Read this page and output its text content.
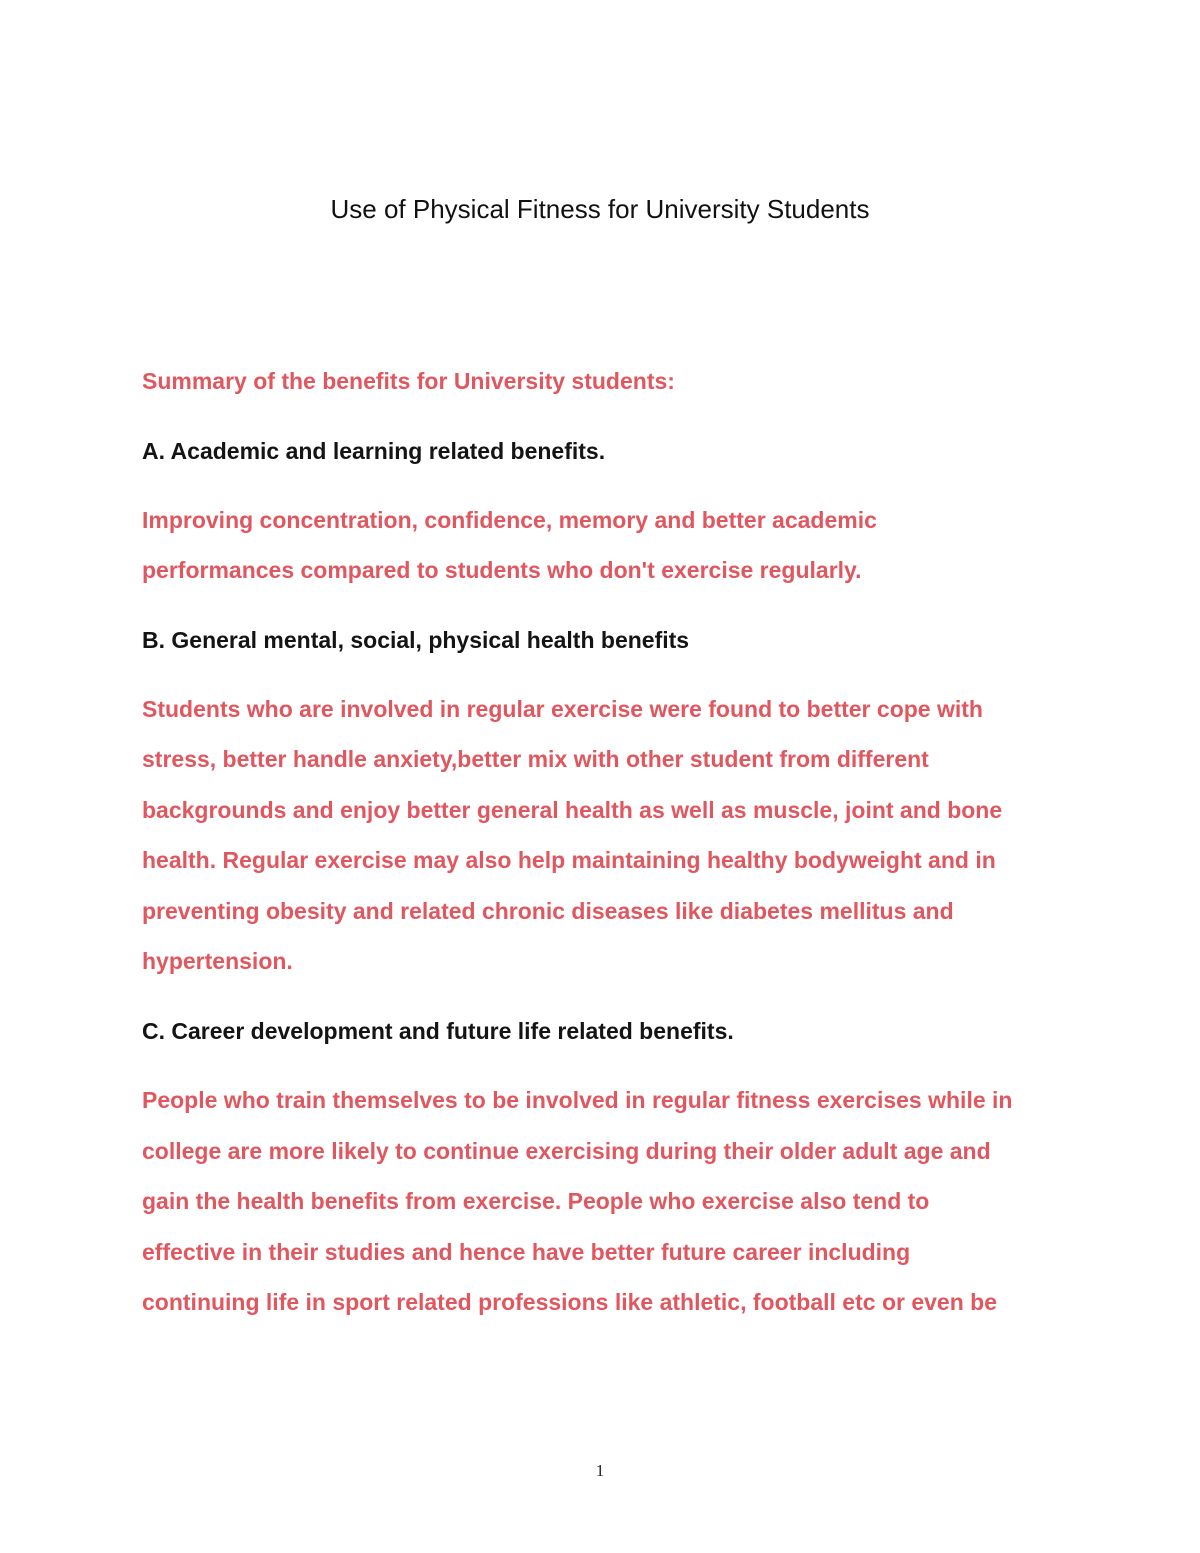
Use of Physical Fitness for University Students
Summary of the benefits for University students:
A. Academic and learning related benefits.
Improving concentration, confidence, memory and better academic
performances compared to students who don't exercise regularly.
B. General mental, social, physical health benefits
Students who are involved in regular exercise were found to better cope with
stress, better handle anxiety,better mix with other student from different
backgrounds and enjoy better general health as well as muscle, joint and bone
health. Regular exercise may also help maintaining healthy bodyweight and in
preventing obesity and related chronic diseases like diabetes mellitus and
hypertension.
C. Career development and future life related benefits.
People who train themselves to be involved in regular fitness exercises while in
college are more likely to continue exercising during their older adult age and
gain the health benefits from exercise. People who exercise also tend to
effective in their studies and hence have better future career including
continuing life in sport related professions like athletic, football etc or even be
1
